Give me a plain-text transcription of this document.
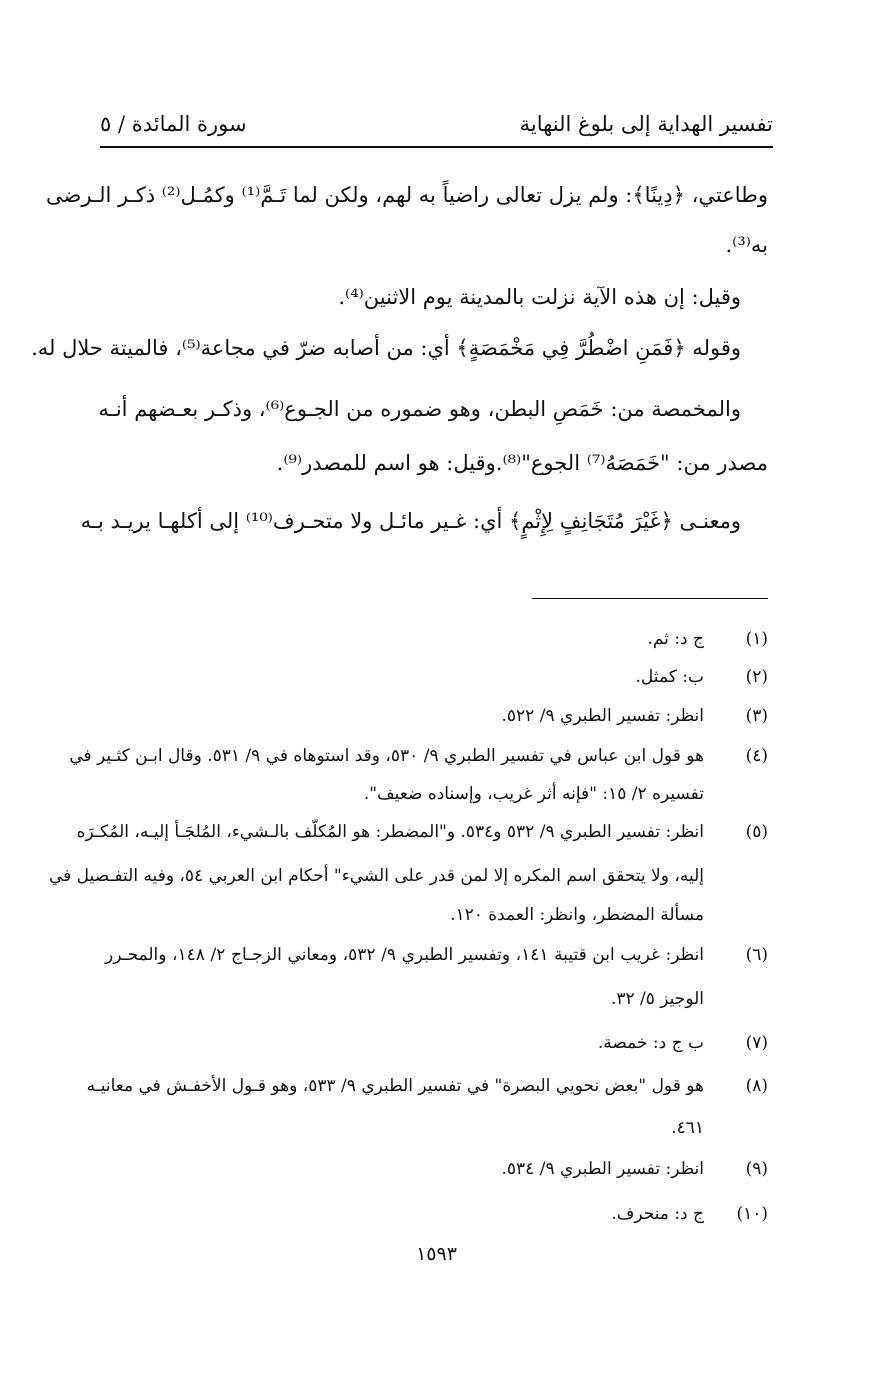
تفسير الهداية إلى بلوغ النهاية
سورة المائدة / ٥
وطاعتي، ﴿دِينًا﴾: ولم يزل تعالى راضياً به لهم، ولكن لما تَـمَّ⁽¹⁾ وكمُـل⁽²⁾ ذكـر الـرضى
به⁽³⁾.
وقيل: إن هذه الآية نزلت بالمدينة يوم الاثنين⁽⁴⁾.
وقوله ﴿فَمَنِ اضْطُرَّ فِي مَخْمَصَةٍ﴾ أي: من أصابه ضرّ في مجاعة⁽⁵⁾، فالميتة حلال له.
والمخمصة من: خَمَصِ البطن، وهو ضموره من الجـوع⁽⁶⁾، وذكـر بعـضهم أنـه
مصدر من: "خَمَصَهُ⁽⁷⁾ الجوع"⁽⁸⁾.وقيل: هو اسم للمصدر⁽⁹⁾.
ومعنـى ﴿غَيْرَ مُتَجَانِفٍ لِإِثْمٍ﴾ أي: غـير مائـل ولا متحـرف⁽¹⁰⁾ إلى أكلهـا يريـد بـه
(١)
ج د: ثم.
(٢)
ب: كمثل.
(٣)
انظر: تفسير الطبري ٩/ ٥٢٢.
(٤)
هو قول ابن عباس في تفسير الطبري ٩/ ٥٣٠، وقد استوهاه في ٩/ ٥٣١. وقال ابـن كثـير في
تفسيره ٢/ ١٥: "فإنه أثر غريب، وإسناده ضعيف".
(٥)
انظر: تفسير الطبري ٩/ ٥٣٢ و٥٣٤. و"المضطر: هو المُكلّف بالـشيء، المُلجَـأ إليـه، المُكـرَه
إليه، ولا يتحقق اسم المكره إلا لمن قدر على الشيء" أحكام ابن العربي ٥٤، وفيه التفـصيل في
مسألة المضطر، وانظر: العمدة ١٢٠.
(٦)
انظر: غريب ابن قتيبة ١٤١، وتفسير الطبري ٩/ ٥٣٢، ومعاني الزجـاج ٢/ ١٤٨، والمحـرر
الوجيز ٥/ ٣٢.
(٧)
ب ج د: خمصة.
(٨)
هو قول "بعض نحويي البصرة" في تفسير الطبري ٩/ ٥٣٣، وهو قـول الأخفـش في معانيـه
٤٦١.
(٩)
انظر: تفسير الطبري ٩/ ٥٣٤.
(١٠)
ج د: منحرف.
١٥٩٣
